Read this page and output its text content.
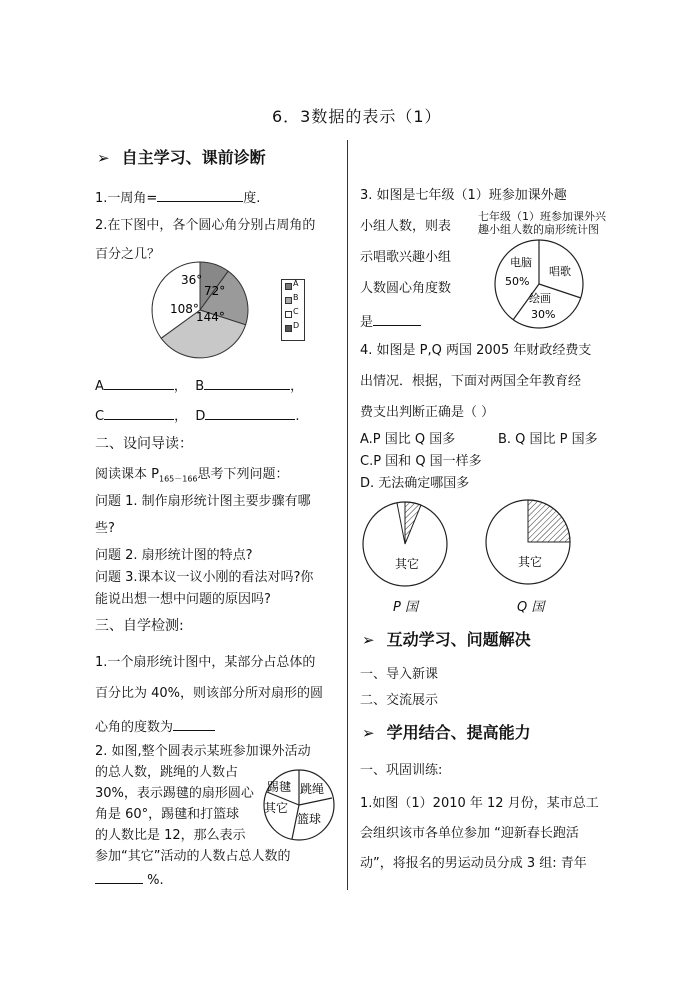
6．3数据的表示（1）
➢ 自主学习、课前诊断
1.一周角=	度.
2.在下图中，各个圆心角分别占周角的
百分之几？
36°
72°
108°
144°
A
B
C
D
A	， B	，
C	， D	.
二、设问导读：
阅读课本 $P_{165-166}$思考下列问题：
问题 1. 制作扇形统计图主要步骤有哪
些?
问题 2. 扇形统计图的特点?
问题 3.课本议一议小刚的看法对吗?你
能说出想一想中问题的原因吗?
三、自学检测:
1.一个扇形统计图中，某部分占总体的
百分比为 40%，则该部分所对扇形的圆
心角的度数为
2. 如图,整个圆表示某班参加课外活动
的总人数，跳绳的人数占
30%，表示踢毽的扇形圆心
角是 60°，踢毽和打篮球
的人数比是 12，那么表示
参加“其它”活动的人数占总人数的
%.
踢毽 跳绳
其它
篮球
3. 如图是七年级（1）班参加课外趣
小组人数，则表
示唱歌兴趣小组
人数圆心角度数
是
七年级（1）班参加课外兴
趣小组人数的扇形统计图
电脑
50%
唱歌
绘画
30%
4. 如图是 P,Q 两国 2005 年财政经费支
出情况．根据，下面对两国全年教育经
费支出判断正确是（ ）
A.P 国比 Q 国多	B. Q 国比 P 国多
C.P 国和 Q 国一样多
D. 无法确定哪国多
其它
P 国
其它
Q 国
➢ 互动学习、问题解决
一、导入新课
二、交流展示
➢ 学用结合、提高能力
一、巩固训练:
1.如图（1）2010 年 12 月份，某市总工
会组织该市各单位参加 “迎新春长跑活
动”，将报名的男运动员分成 3 组: 青年
